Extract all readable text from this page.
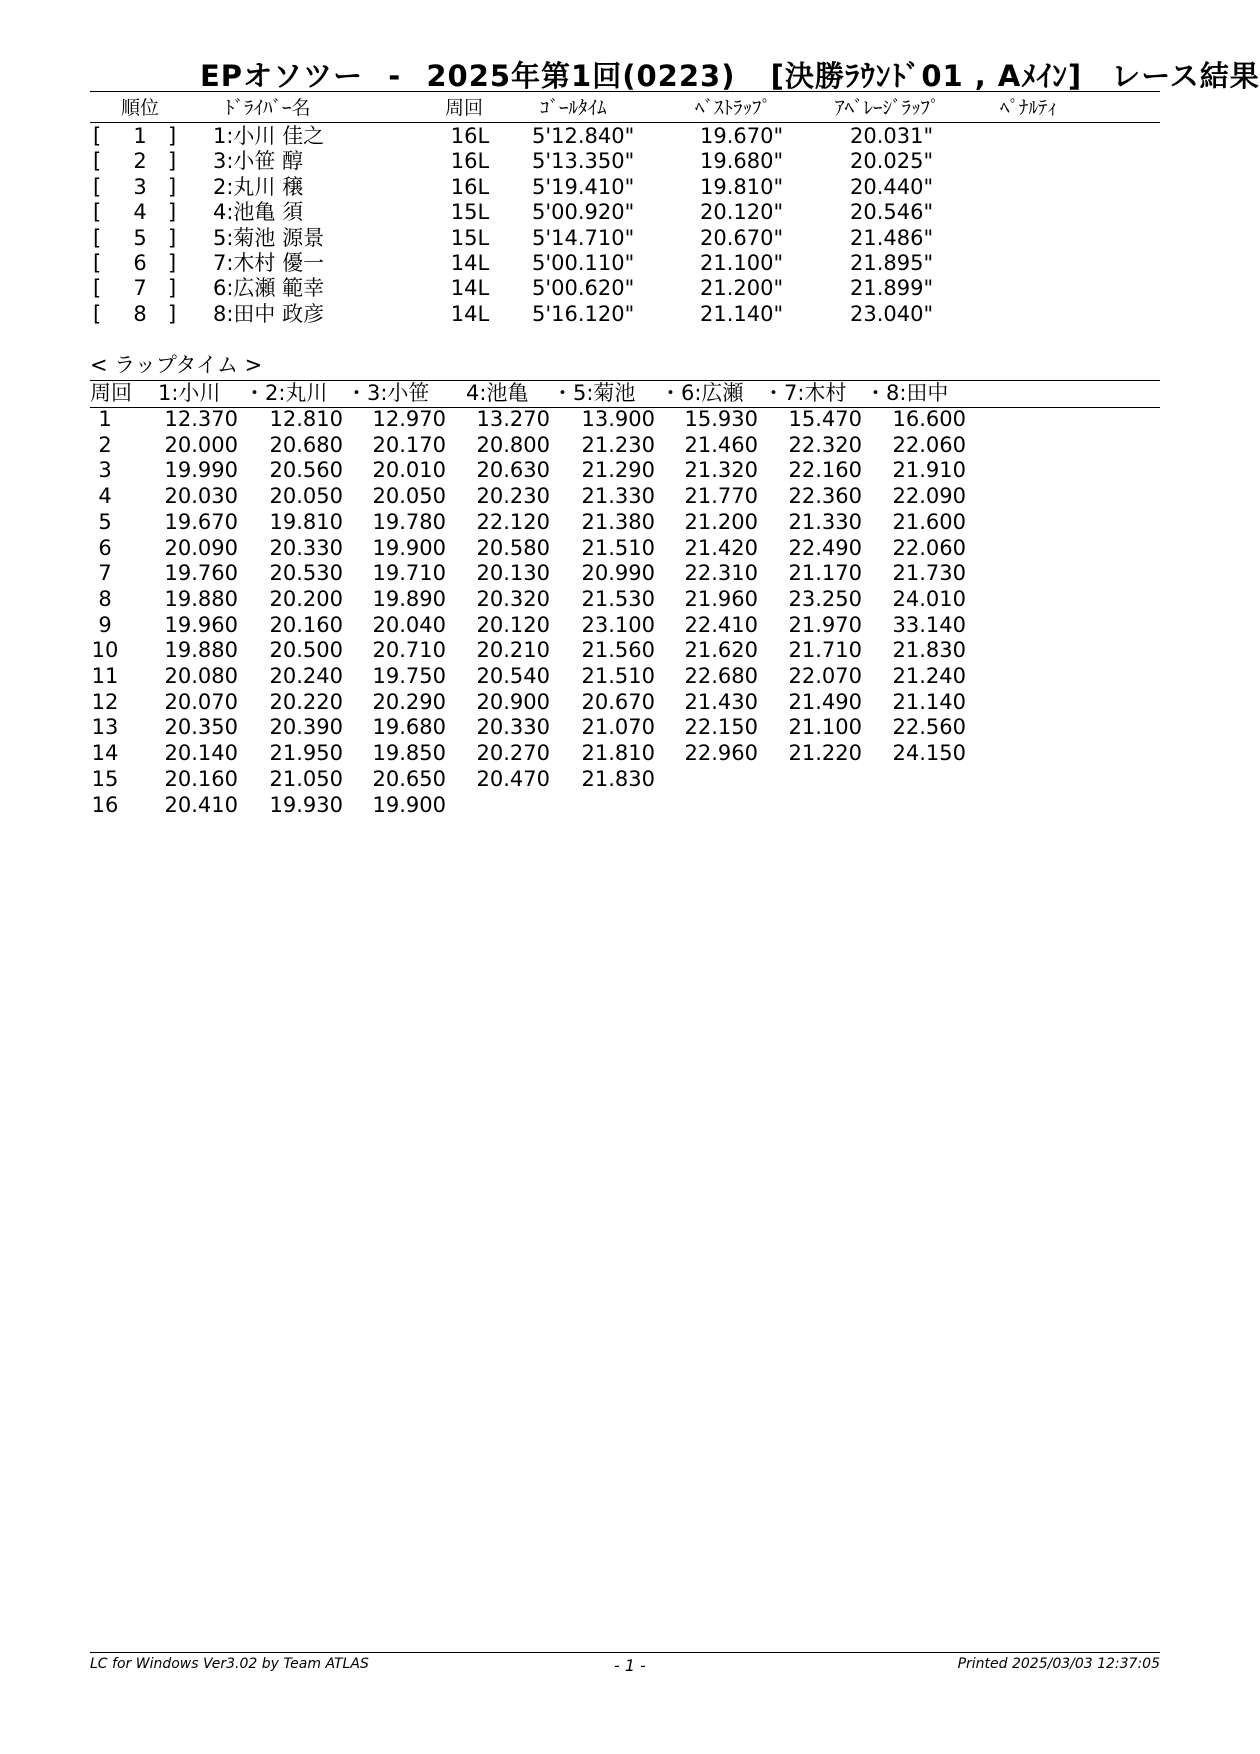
EPオソツー - 2025年第1回(0223) [決勝ﾗｳﾝﾄﾞ01 , Aﾒｲﾝ] レース結果
順位	ﾄﾞﾗｲﾊﾞｰ名	周回	ｺﾞｰﾙﾀｲﾑ	ﾍﾞｽﾄﾗｯﾌﾟ	ｱﾍﾞﾚｰｼﾞﾗｯﾌﾟ	ﾍﾟﾅﾙﾃｨ
[	1	] 1:小川 佳之	16L	5'12.840"	19.670"	20.031"
[	2	] 3:小笹 醇	16L	5'13.350"	19.680"	20.025"
[	3	] 2:丸川 穣	16L	5'19.410"	19.810"	20.440"
[	4	] 4:池亀 須	15L	5'00.920"	20.120"	20.546"
[	5	] 5:菊池 源景	15L	5'14.710"	20.670"	21.486"
[	6	] 7:木村 優一	14L	5'00.110"	21.100"	21.895"
[	7	] 6:広瀬 範幸	14L	5'00.620"	21.200"	21.899"
[	8	] 8:田中 政彦	14L	5'16.120"	21.140"	23.040"
< ラップタイム >
周回 1:小川 ・2:丸川 ・3:小笹 4:池亀 ・5:菊池 ・6:広瀬 ・7:木村 ・8:田中
1	12.370	12.810	12.970	13.270	13.900	15.930	15.470	16.600
2	20.000	20.680	20.170	20.800	21.230	21.460	22.320	22.060
3	19.990	20.560	20.010	20.630	21.290	21.320	22.160	21.910
4	20.030	20.050	20.050	20.230	21.330	21.770	22.360	22.090
5	19.670	19.810	19.780	22.120	21.380	21.200	21.330	21.600
6	20.090	20.330	19.900	20.580	21.510	21.420	22.490	22.060
7	19.760	20.530	19.710	20.130	20.990	22.310	21.170	21.730
8	19.880	20.200	19.890	20.320	21.530	21.960	23.250	24.010
9	19.960	20.160	20.040	20.120	23.100	22.410	21.970	33.140
10	19.880	20.500	20.710	20.210	21.560	21.620	21.710	21.830
11	20.080	20.240	19.750	20.540	21.510	22.680	22.070	21.240
12	20.070	20.220	20.290	20.900	20.670	21.430	21.490	21.140
13	20.350	20.390	19.680	20.330	21.070	22.150	21.100	22.560
14	20.140	21.950	19.850	20.270	21.810	22.960	21.220	24.150
15	20.160	21.050	20.650	20.470	21.830
16	20.410	19.930	19.900
LC for Windows Ver3.02 by Team ATLAS	- 1 -	Printed 2025/03/03 12:37:05
